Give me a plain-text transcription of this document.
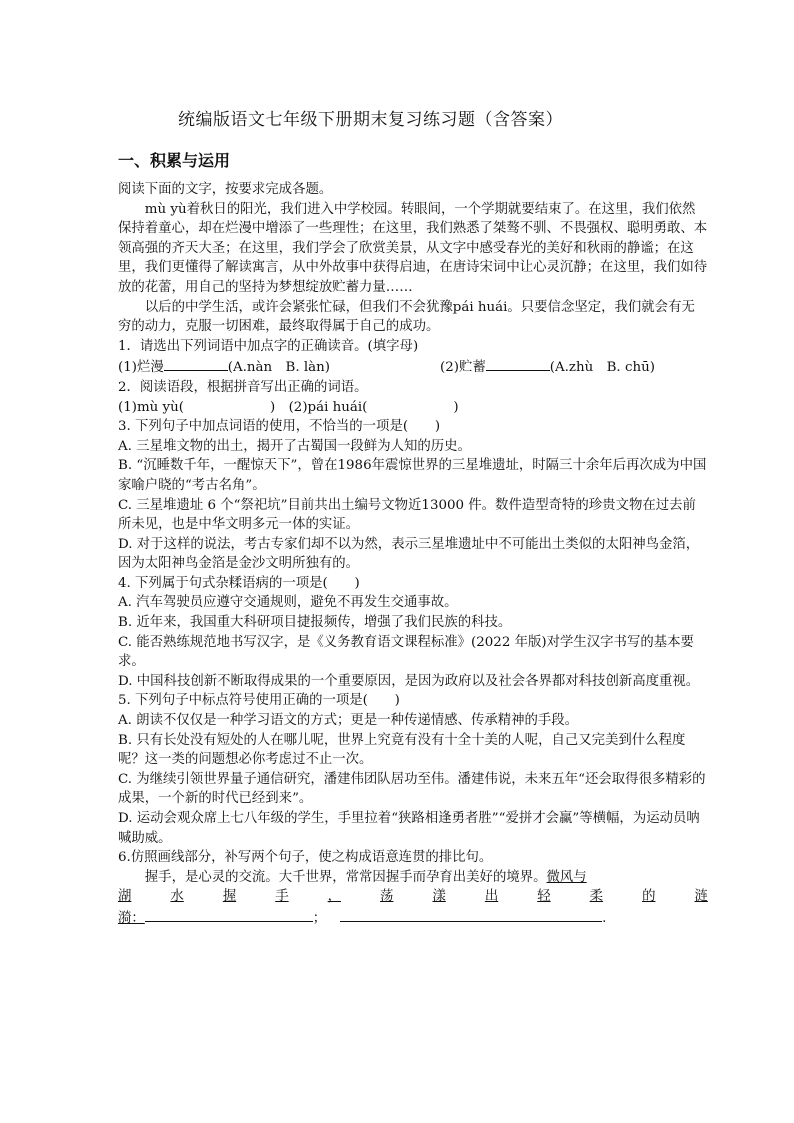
统编版语文七年级下册期末复习练习题（含答案）
一、积累与运用

阅读下面的文字，按要求完成各题。

mù yù着秋日的阳光，我们进入中学校园。转眼间，一个学期就要结束了。在这里，我们依然保持着童心，却在烂漫中增添了一些理性；在这里，我们熟悉了桀骜不驯、不畏强权、聪明勇敢、本领高强的齐天大圣；在这里，我们学会了欣赏美景，从文字中感受春光的美好和秋雨的静谧；在这里，我们更懂得了解读寓言，从中外故事中获得启迪，在唐诗宋词中让心灵沉静；在这里，我们如待放的花蕾，用自己的坚持为梦想绽放贮蓄力量……

以后的中学生活，或许会紧张忙碌，但我们不会犹豫pái huái。只要信念坚定，我们就会有无穷的动力，克服一切困难，最终取得属于自己的成功。

1．请选出下列词语中加点字的正确读音。(填字母)

(1)烂漫	(A.nàn　B. làn)	(2)贮蓄	(A.zhù　B. chū)

2．阅读语段，根据拼音写出正确的词语。

(1)mù yù(	)　(2)pái huái(	)

3. 下列句子中加点词语的使用，不恰当的一项是(　　)

A. 三星堆文物的出土，揭开了古蜀国一段鲜为人知的历史。

B. “沉睡数千年，一醒惊天下”，曾在1986年震惊世界的三星堆遗址，时隔三十余年后再次成为中国家喻户晓的“考古名角”。

C. 三星堆遗址 6 个“祭祀坑”目前共出土编号文物近13000 件。数件造型奇特的珍贵文物在过去前所未见，也是中华文明多元一体的实证。

D. 对于这样的说法，考古专家们却不以为然，表示三星堆遗址中不可能出土类似的太阳神鸟金箔，因为太阳神鸟金箔是金沙文明所独有的。

4. 下列属于句式杂糅语病的一项是(　　)

A. 汽车驾驶员应遵守交通规则，避免不再发生交通事故。

B. 近年来，我国重大科研项目捷报频传，增强了我们民族的科技。

C. 能否熟练规范地书写汉字，是《义务教育语文课程标准》(2022 年版)对学生汉字书写的基本要求。

D. 中国科技创新不断取得成果的一个重要原因，是因为政府以及社会各界都对科技创新高度重视。

5. 下列句子中标点符号使用正确的一项是(　　)

A. 朗读不仅仅是一种学习语文的方式；更是一种传递情感、传承精神的手段。

B. 只有长处没有短处的人在哪儿呢，世界上究竟有没有十全十美的人呢，自己又完美到什么程度呢？这一类的问题想必你考虑过不止一次。

C. 为继续引领世界量子通信研究，潘建伟团队居功至伟。潘建伟说，未来五年“还会取得很多精彩的成果，一个新的时代已经到来”。

D. 运动会观众席上七八年级的学生，手里拉着“狭路相逢勇者胜”“爱拼才会赢”等横幅，为运动员呐喊助威。

6.仿照画线部分，补写两个句子，使之构成语意连贯的排比句。

握手，是心灵的交流。大千世界，常常因握手而孕育出美好的境界。微风与

湖	水	握	手	，	荡	漾	出	轻	柔	的	涟

漪：	；	.
